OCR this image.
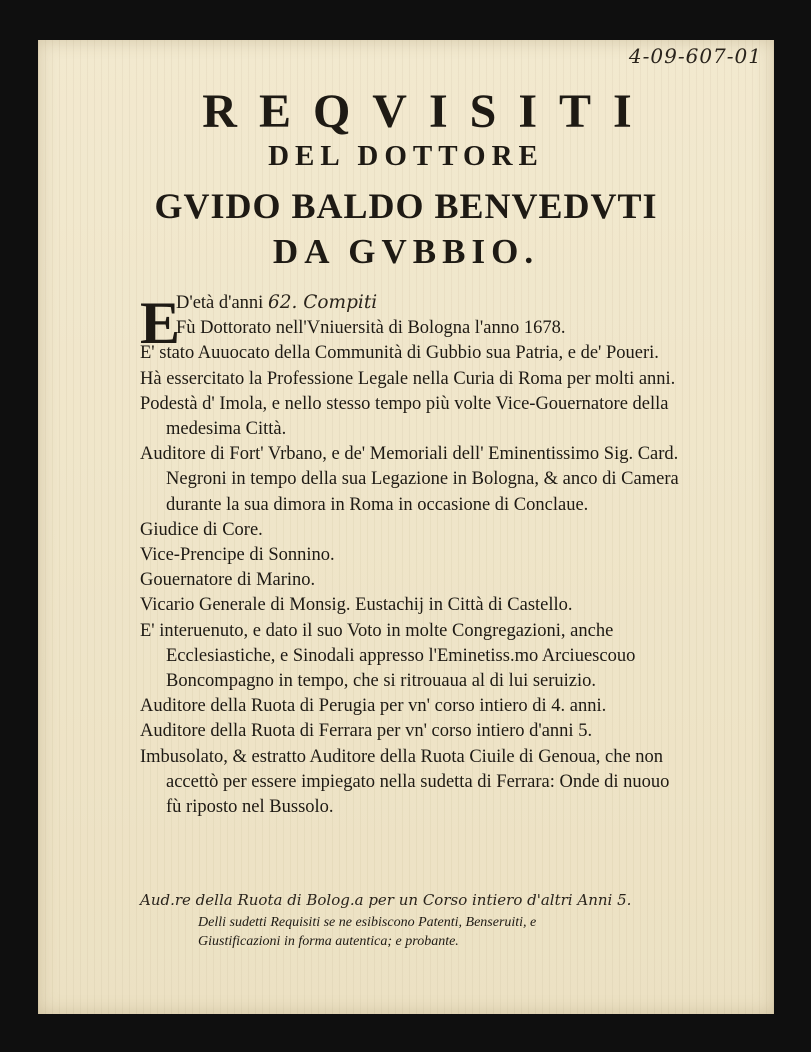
4-09-607-01
REQVISITI
DEL DOTTORE
GVIDO BALDO BENVEDVTI
DA GVBBIO.
E

D'età d'anni 62. Compiti

Fù Dottorato nell'Vniuersità di Bologna l'anno 1678.

E' stato Auuocato della Communità di Gubbio sua Patria, e de' Poueri.

Hà essercitato la Professione Legale nella Curia di Roma per molti anni.

Podestà d' Imola, e nello stesso tempo più volte Vice-Gouernatore della medesima Città.

Auditore di Fort' Vrbano, e de' Memoriali dell' Eminentissimo Sig. Card. Negroni in tempo della sua Legazione in Bologna, & anco di Camera durante la sua dimora in Roma in occasione di Conclaue.

Giudice di Core.

Vice-Prencipe di Sonnino.

Gouernatore di Marino.

Vicario Generale di Monsig. Eustachij in Città di Castello.

E' interuenuto, e dato il suo Voto in molte Congregazioni, anche Ecclesiastiche, e Sinodali appresso l'Eminetiss.mo Arciuescouo Boncompagno in tempo, che si ritrouaua al di lui seruizio.

Auditore della Ruota di Perugia per vn' corso intiero di 4. anni.

Auditore della Ruota di Ferrara per vn' corso intiero d'anni 5.

Imbusolato, & estratto Auditore della Ruota Ciuile di Genoua, che non accettò per essere impiegato nella sudetta di Ferrara: Onde di nuouo fù riposto nel Bussolo.

Aud.re della Ruota di Bolog.a per un Corso intiero d'altri Anni 5.
Delli sudetti Requisiti se ne esibiscono Patenti, Benseruiti, e Giustificazioni in forma autentica; e probante.
